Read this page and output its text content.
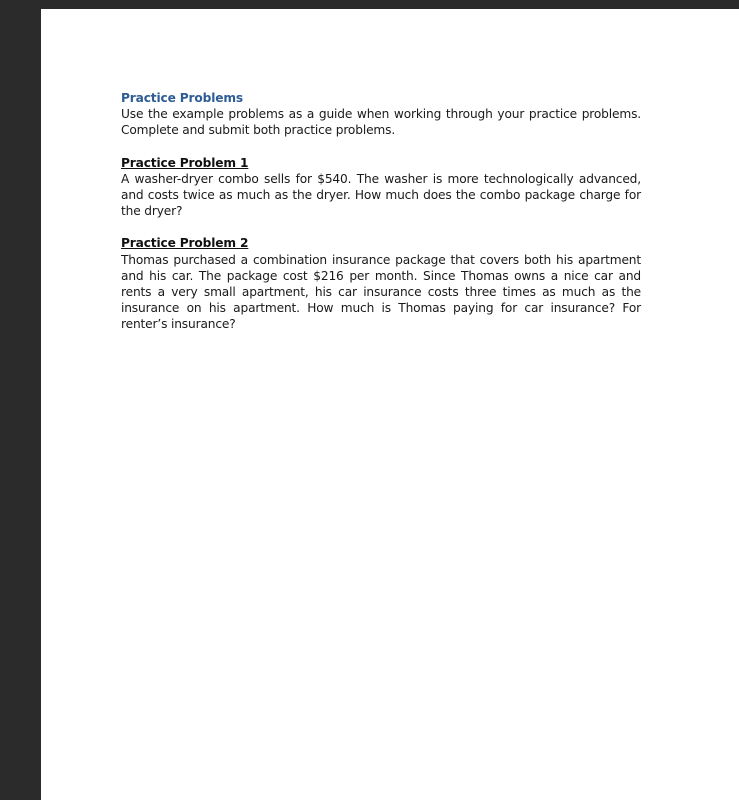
Practice Problems

Use the example problems as a guide when working through your practice problems. Complete and submit both practice problems.

Practice Problem 1

A washer-dryer combo sells for $540. The washer is more technologically advanced, and costs twice as much as the dryer. How much does the combo package charge for the dryer?

Practice Problem 2

Thomas purchased a combination insurance package that covers both his apartment and his car. The package cost $216 per month. Since Thomas owns a nice car and rents a very small apartment, his car insurance costs three times as much as the insurance on his apartment. How much is Thomas paying for car insurance? For renter’s insurance?
